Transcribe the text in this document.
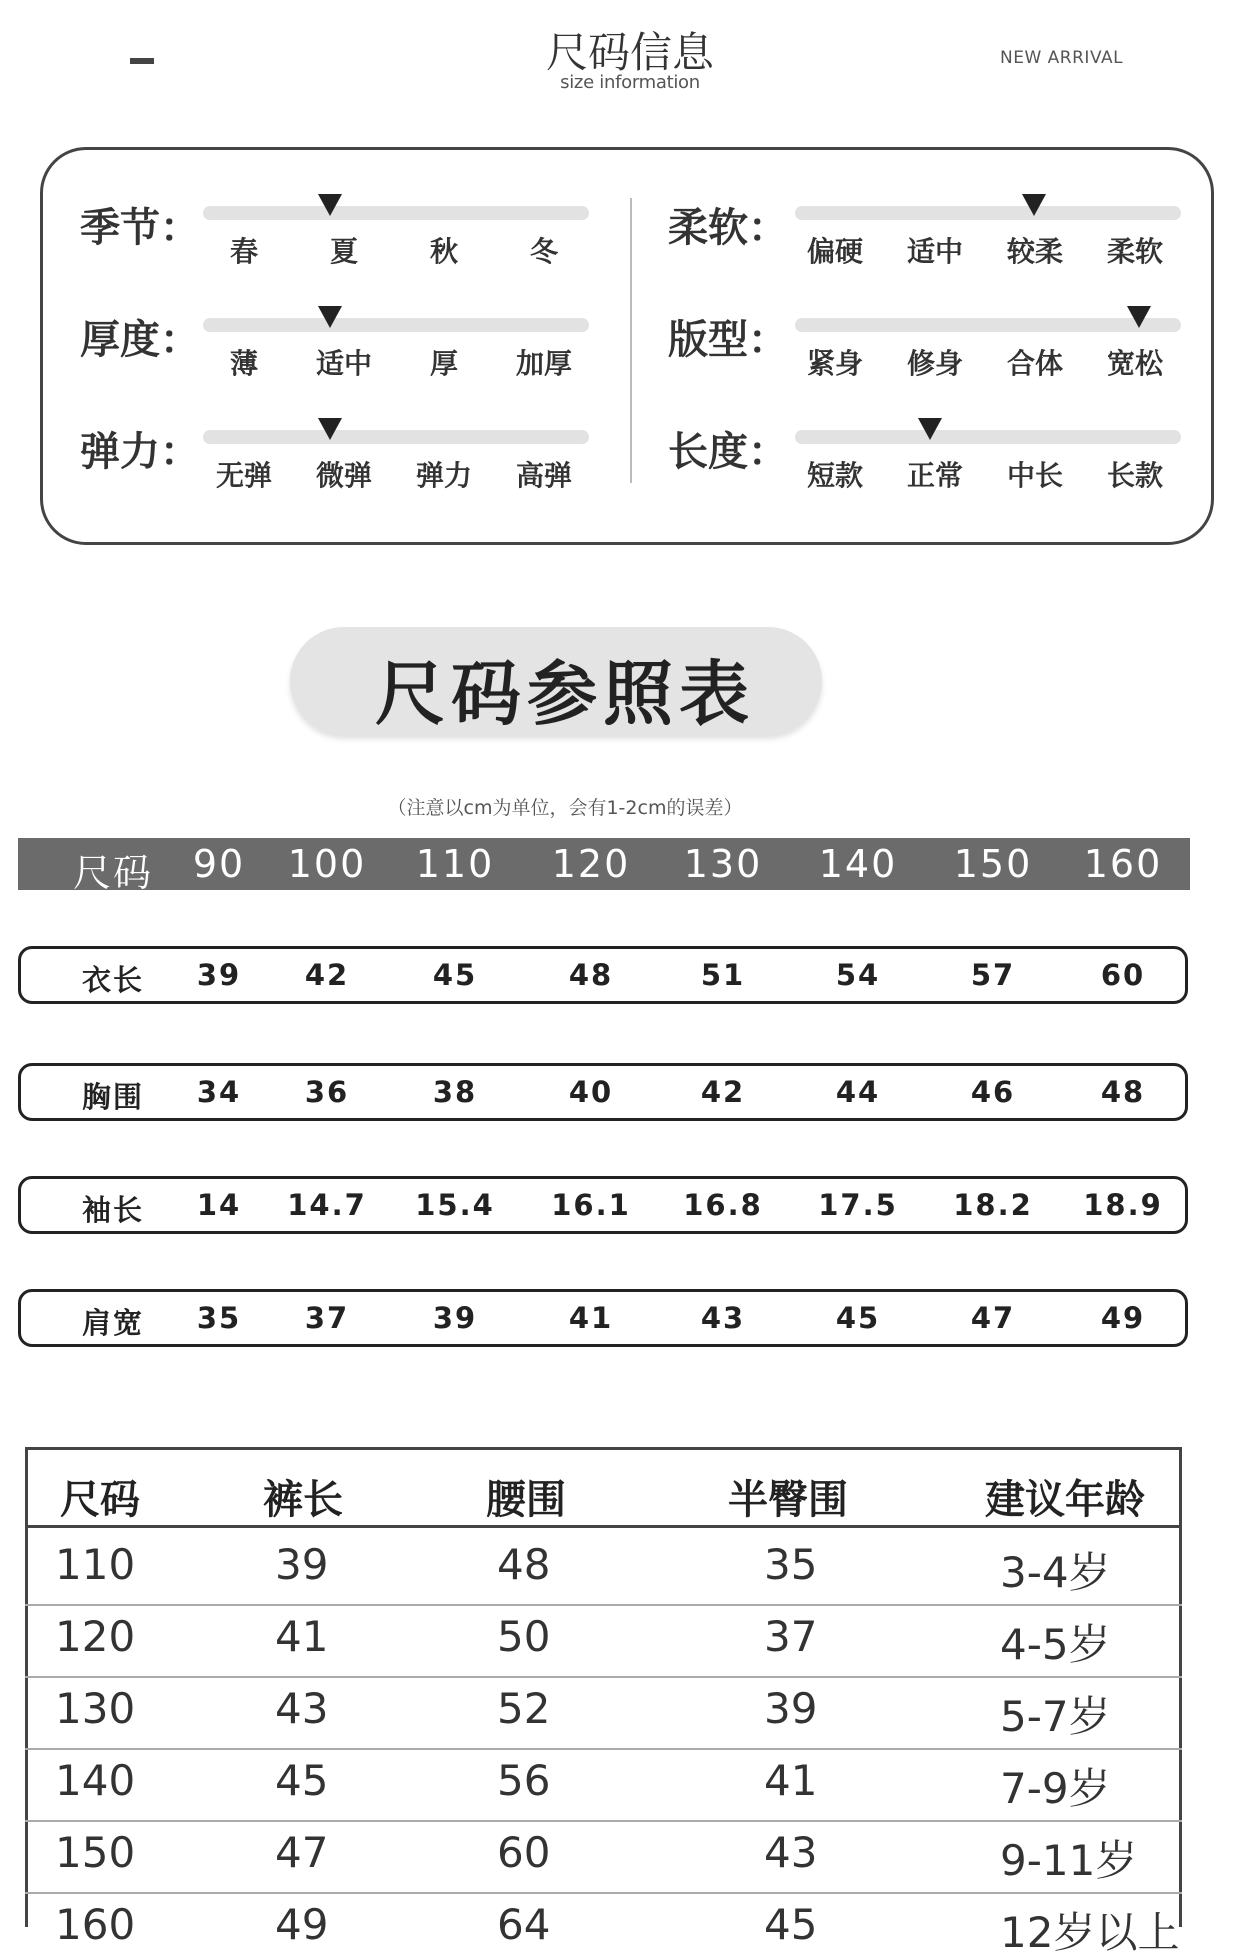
尺码信息
size information
NEW ARRIVAL
季节：
春	夏	秋	冬
厚度：
薄	适中	厚	加厚
弹力：
无弹	微弹	弹力	高弹
柔软：
偏硬	适中	较柔	柔软
版型：
紧身	修身	合体	宽松
长度：
短款	正常	中长	长款
尺码参照表
（注意以cm为单位，会有1-2cm的误差）
尺码	90	100	110	120	130	140	150	160
衣长	39	42	45	48	51	54	57	60
胸围	34	36	38	40	42	44	46	48
袖长	14	14.7	15.4	16.1	16.8	17.5	18.2	18.9
肩宽	35	37	39	41	43	45	47	49
尺码	裤长	腰围	半臀围	建议年龄
110	39	48	35	3-4岁
120	41	50	37	4-5岁
130	43	52	39	5-7岁
140	45	56	41	7-9岁
150	47	60	43	9-11岁
160	49	64	45	12岁以上
